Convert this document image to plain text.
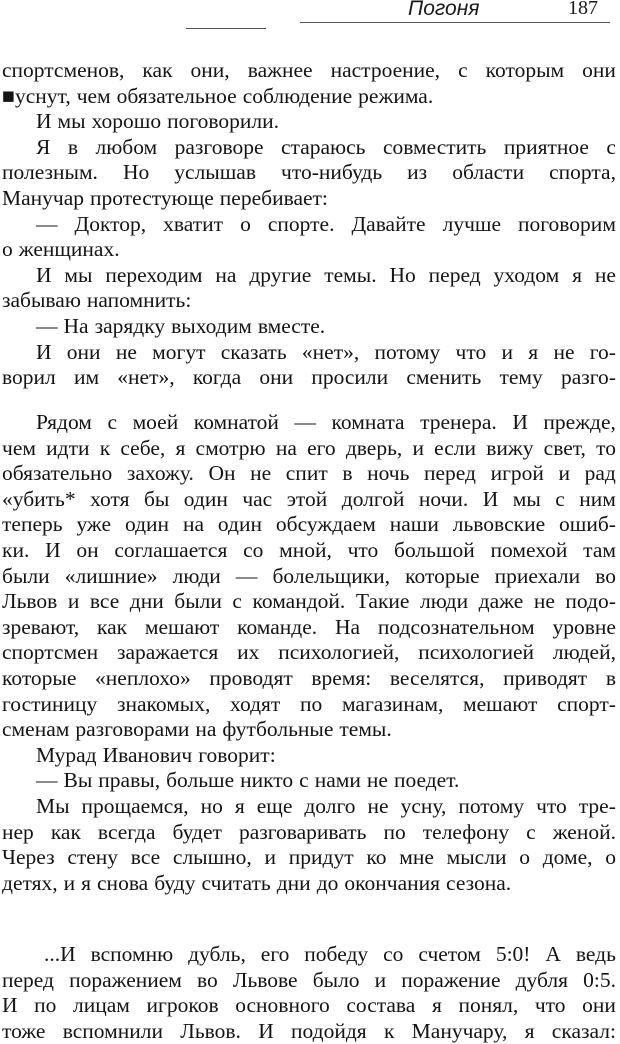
Погоня	187
спортсменов, как они, важнее настроение, с которым они
■уснут, чем обязательное соблюдение режима.
И мы хорошо поговорили.
Я в любом разговоре стараюсь совместить приятное с
полезным. Но услышав что-нибудь из области спорта,
Манучар протестующе перебивает:
— Доктор, хватит о спорте. Давайте лучше поговорим
о женщинах.
И мы переходим на другие темы. Но перед уходом я не
забываю напомнить:
— На зарядку выходим вместе.
И они не могут сказать «нет», потому что и я не го-
ворил им «нет», когда они просили сменить тему разго-
Рядом с моей комнатой — комната тренера. И прежде,
чем идти к себе, я смотрю на его дверь, и если вижу свет, то
обязательно захожу. Он не спит в ночь перед игрой и рад
«убить* хотя бы один час этой долгой ночи. И мы с ним
теперь уже один на один обсуждаем наши львовские ошиб-
ки. И он соглашается со мной, что большой помехой там
были «лишние» люди — болельщики, которые приехали во
Львов и все дни были с командой. Такие люди даже не подо-
зревают, как мешают команде. На подсознательном уровне
спортсмен заражается их психологией, психологией людей,
которые «неплохо» проводят время: веселятся, приводят в
гостиницу знакомых, ходят по магазинам, мешают спорт-
сменам разговорами на футбольные темы.
Мурад Иванович говорит:
— Вы правы, больше никто с нами не поедет.
Мы прощаемся, но я еще долго не усну, потому что тре-
нер как всегда будет разговаривать по телефону с женой.
Через стену все слышно, и придут ко мне мысли о доме, о
детях, и я снова буду считать дни до окончания сезона.
...И вспомню дубль, его победу со счетом 5:0! А ведь
перед поражением во Львове было и поражение дубля 0:5.
И по лицам игроков основного состава я понял, что они
тоже вспомнили Львов. И подойдя к Манучару, я сказал:
